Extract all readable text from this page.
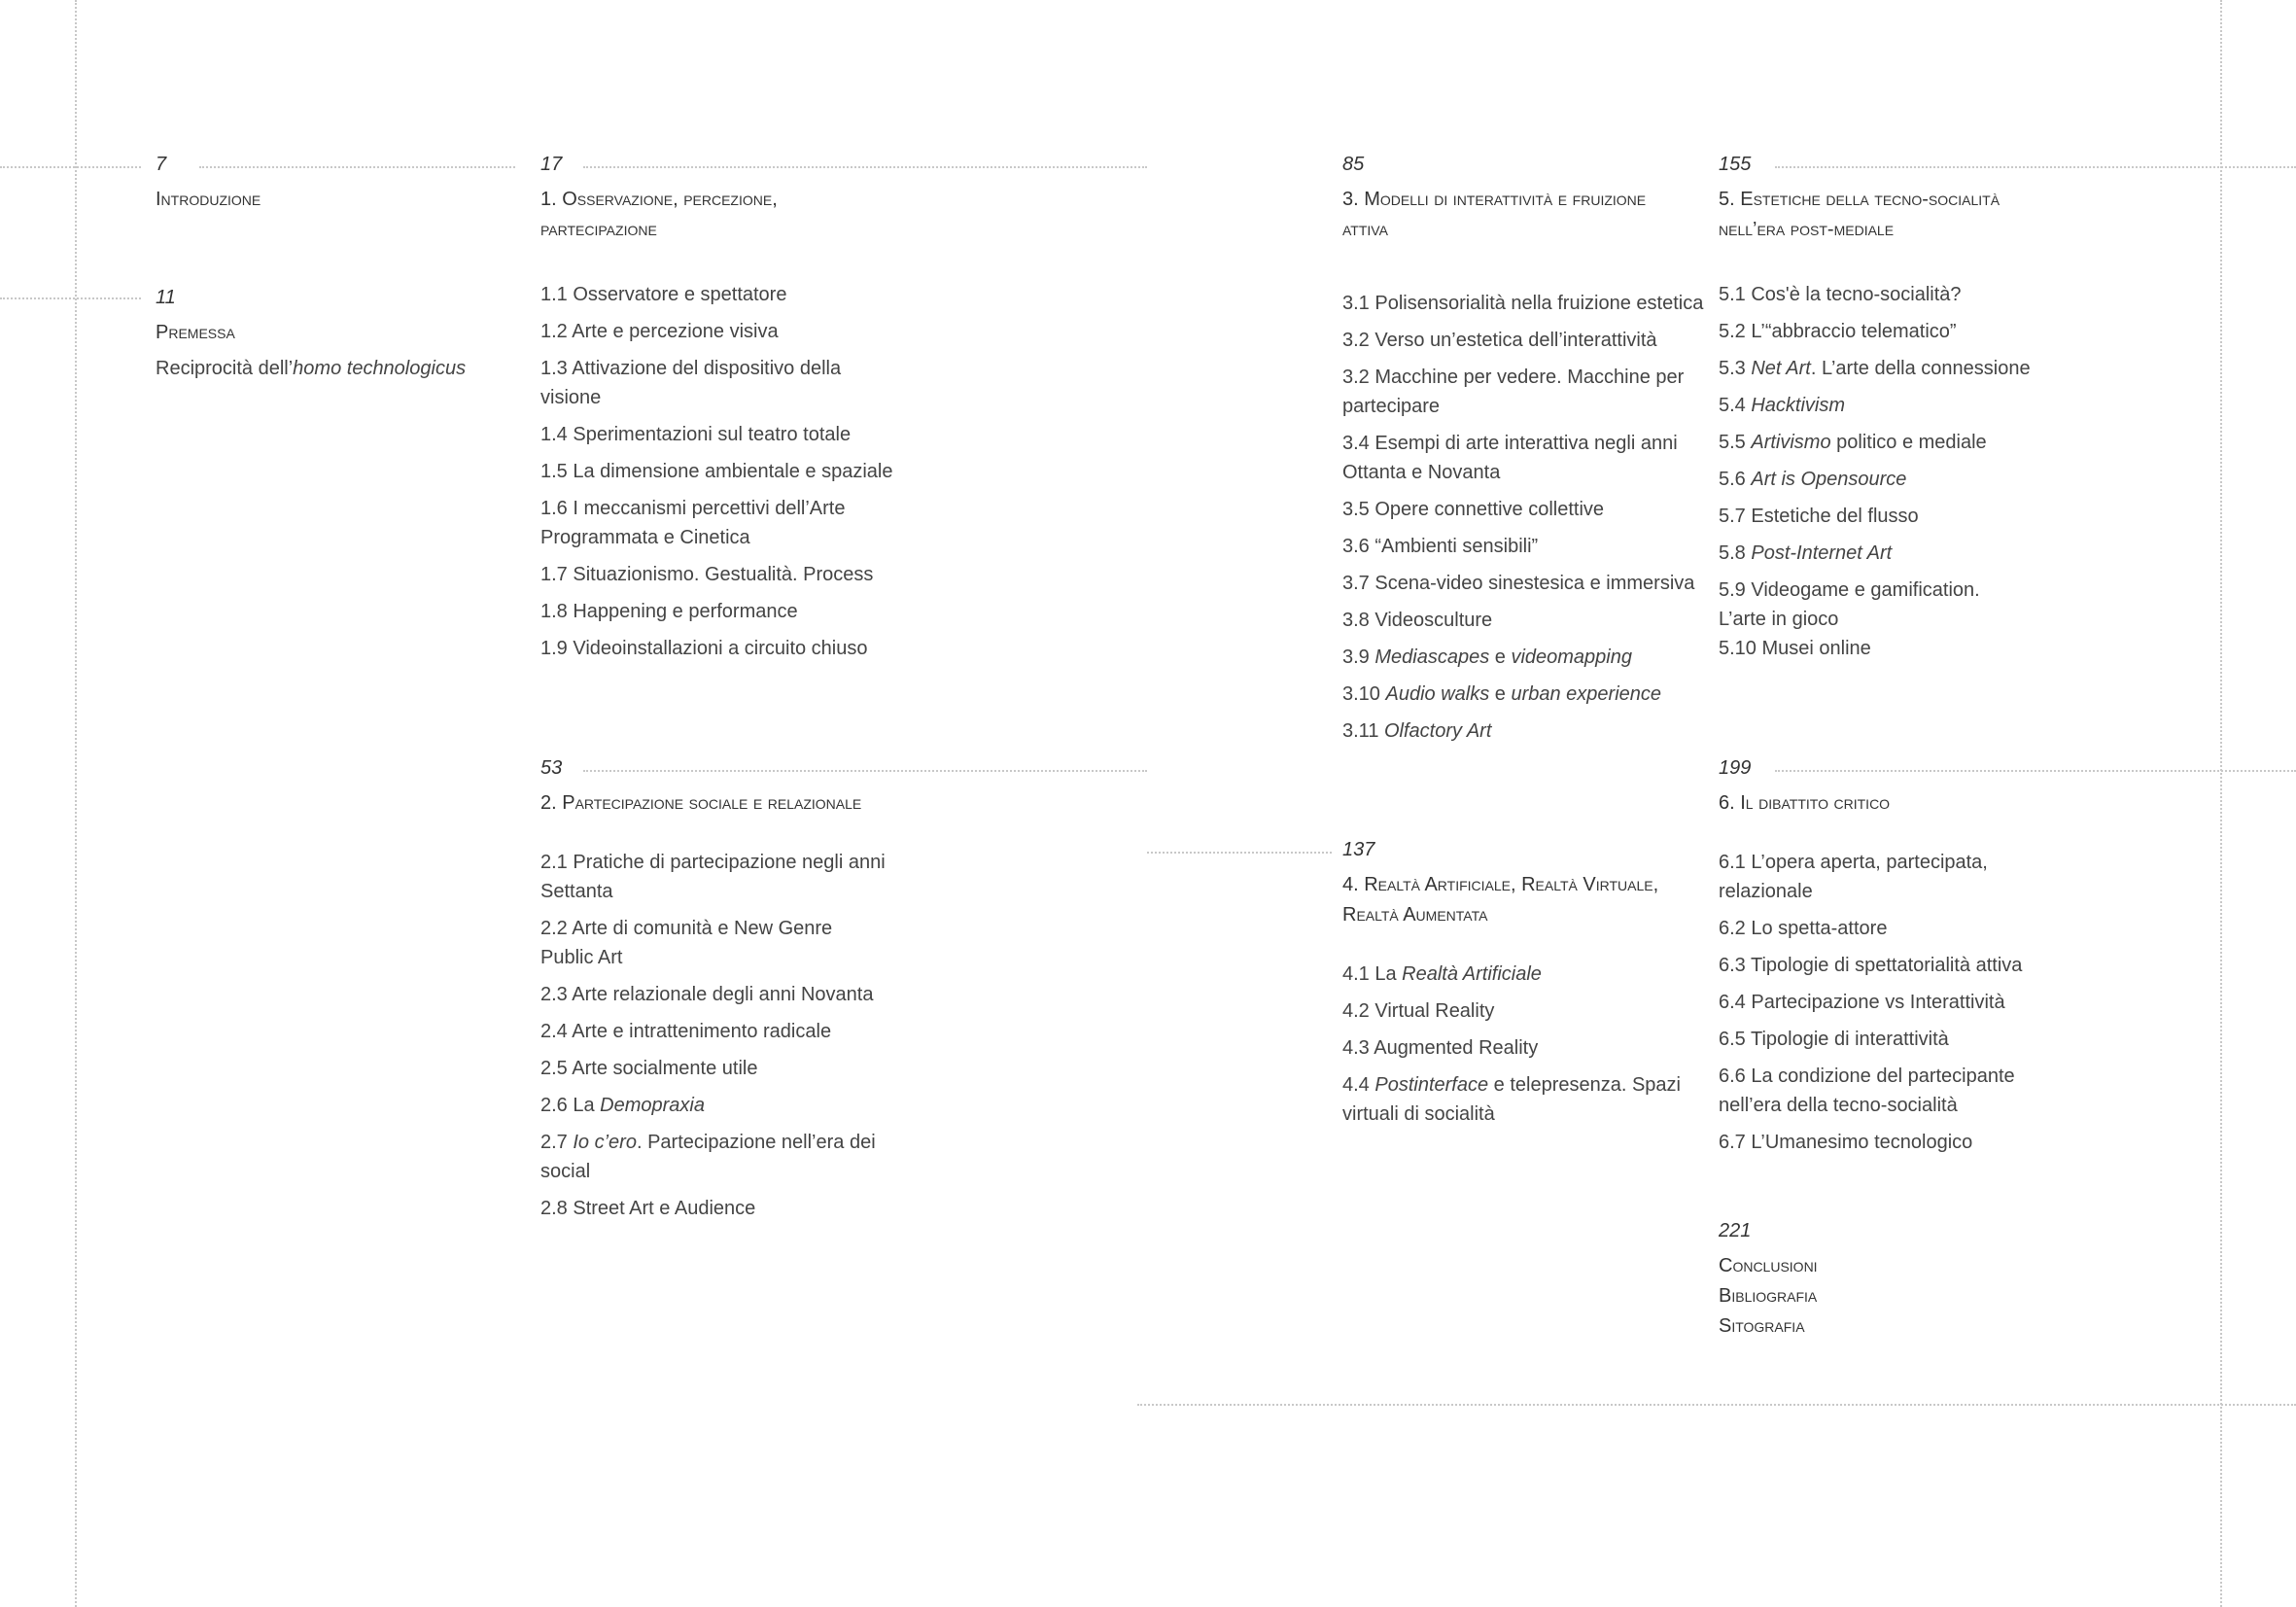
7
Introduzione
11
Premessa
Reciprocità dell’homo technologicus
17
1. Osservazione, percezione,
partecipazione
1.1 Osservatore e spettatore
1.2 Arte e percezione visiva
1.3 Attivazione del dispositivo della
visione
1.4 Sperimentazioni sul teatro totale
1.5 La dimensione ambientale e spaziale
1.6 I meccanismi percettivi dell’Arte
Programmata e Cinetica
1.7 Situazionismo. Gestualità. Process
1.8 Happening e performance
1.9 Videoinstallazioni a circuito chiuso
53
2. Partecipazione sociale e relazionale
2.1 Pratiche di partecipazione negli anni
Settanta
2.2 Arte di comunità e New Genre
Public Art
2.3 Arte relazionale degli anni Novanta
2.4 Arte e intrattenimento radicale
2.5 Arte socialmente utile
2.6 La Demopraxia
2.7 Io c’ero. Partecipazione nell’era dei
social
2.8 Street Art e Audience
85
3. Modelli di interattività e fruizione
attiva
3.1 Polisensorialità nella fruizione estetica
3.2 Verso un’estetica dell’interattività
3.2 Macchine per vedere. Macchine per
partecipare
3.4 Esempi di arte interattiva negli anni
Ottanta e Novanta
3.5 Opere connettive collettive
3.6 “Ambienti sensibili”
3.7 Scena-video sinestesica e immersiva
3.8 Videosculture
3.9 Mediascapes e videomapping
3.10 Audio walks e urban experience
3.11 Olfactory Art
137
4. Realtà Artificiale, Realtà Virtuale,
Realtà Aumentata
4.1 La Realtà Artificiale
4.2 Virtual Reality
4.3 Augmented Reality
4.4 Postinterface e telepresenza. Spazi
virtuali di socialità
155
5. Estetiche della tecno-socialità
nell’era post-mediale
5.1 Cos'è la tecno-socialità?
5.2 L’“abbraccio telematico”
5.3 Net Art. L’arte della connessione
5.4 Hacktivism
5.5 Artivismo politico e mediale
5.6 Art is Opensource
5.7 Estetiche del flusso
5.8 Post-Internet Art
5.9 Videogame e gamification.
L’arte in gioco
5.10 Musei online
199
6. Il dibattito critico
6.1 L’opera aperta, partecipata,
relazionale
6.2 Lo spetta-attore
6.3 Tipologie di spettatorialità attiva
6.4 Partecipazione vs Interattività
6.5 Tipologie di interattività
6.6 La condizione del partecipante
nell’era della tecno-socialità
6.7 L’Umanesimo tecnologico
221
Conclusioni
Bibliografia
Sitografia
